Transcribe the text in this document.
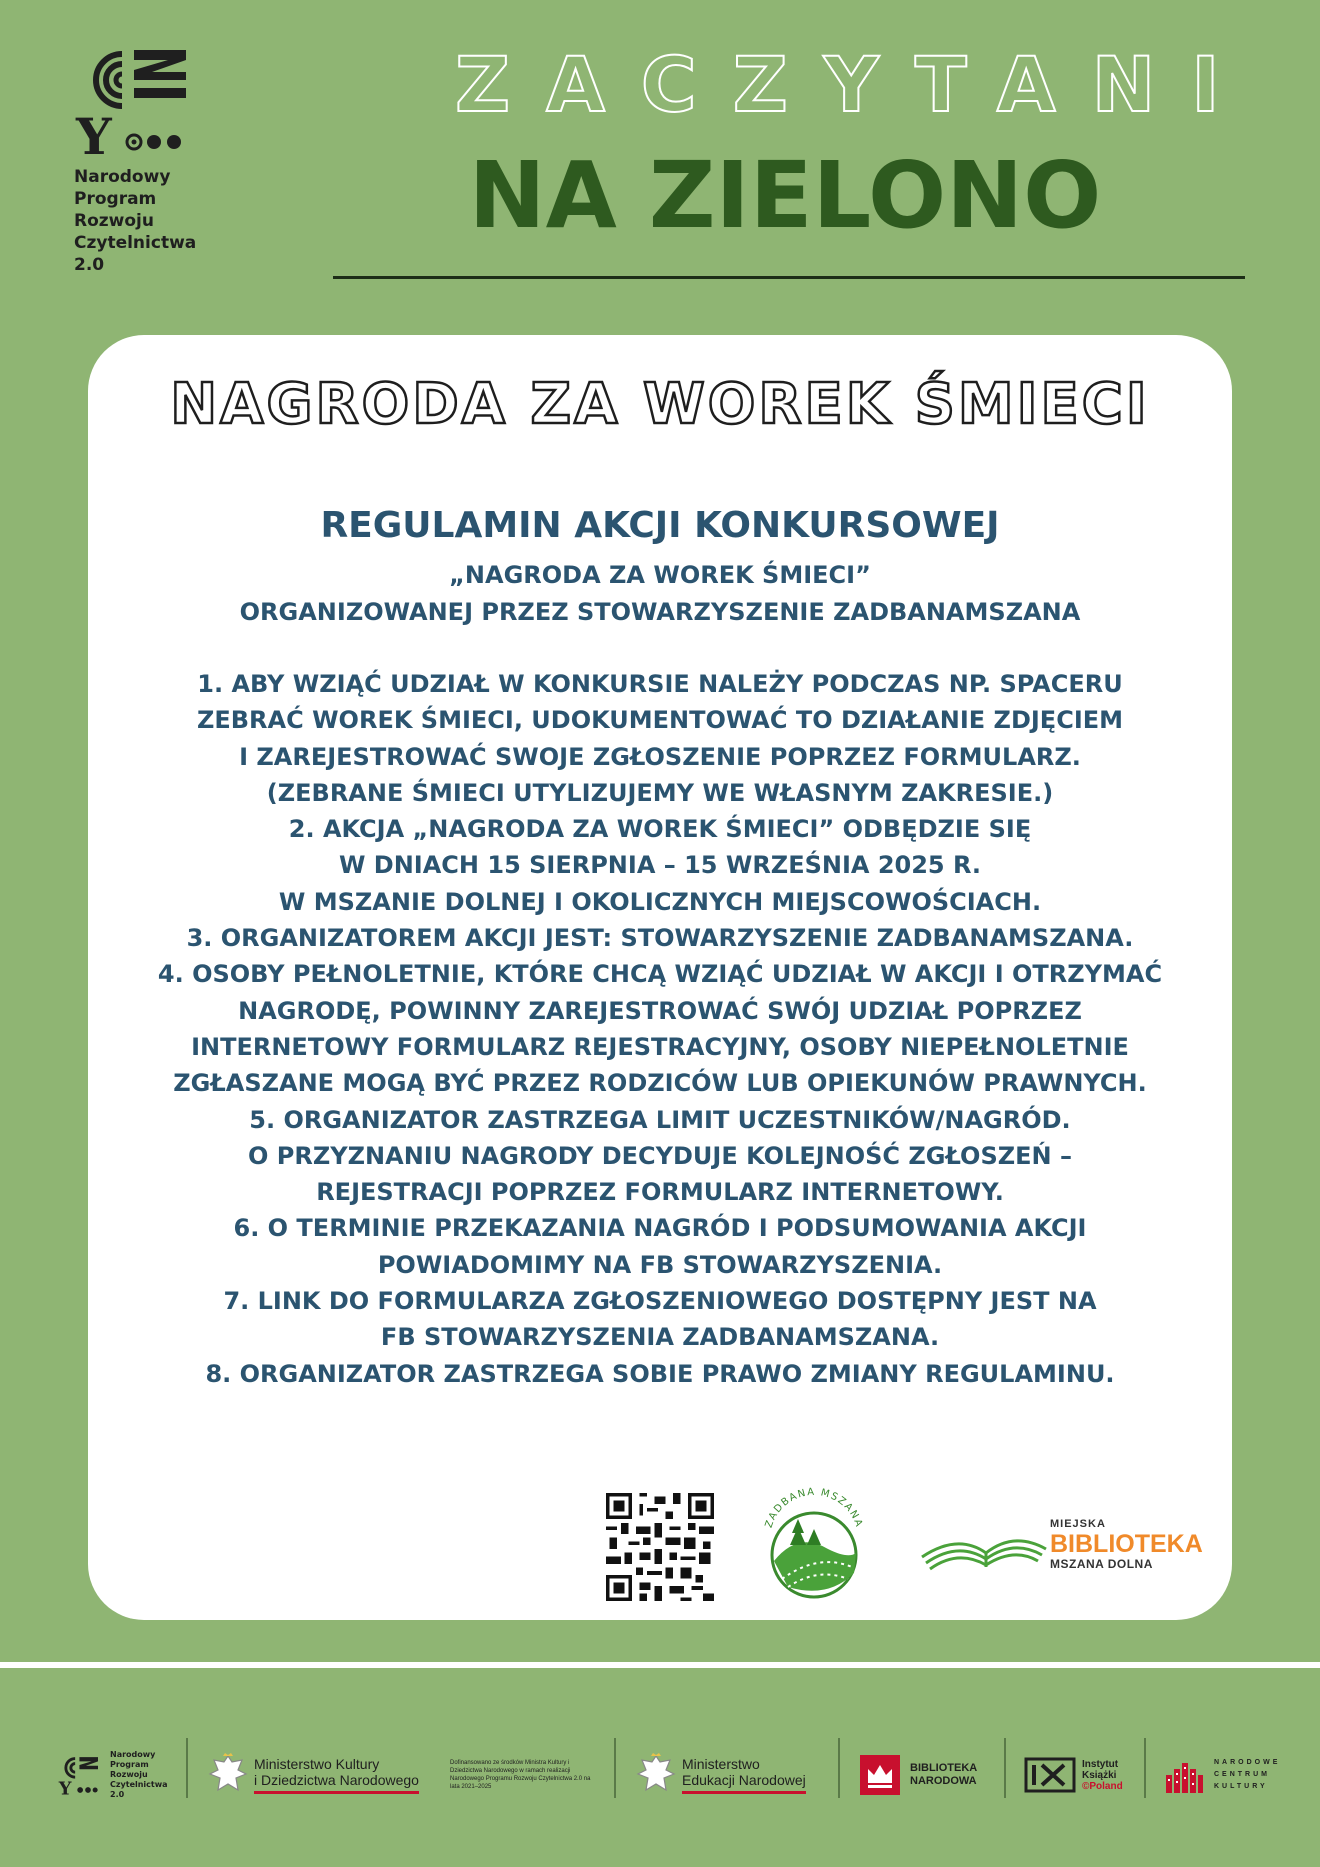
Y
Narodowy
Program
Rozwoju
Czytelnictwa
2.0
ZACZYTANI
NA ZIELONO
NAGRODA ZA WOREK ŚMIECI
REGULAMIN AKCJI KONKURSOWEJ
„NAGRODA ZA WOREK ŚMIECI”
ORGANIZOWANEJ PRZEZ STOWARZYSZENIE ZADBANAMSZANA
1. ABY WZIĄĆ UDZIAŁ W KONKURSIE NALEŻY PODCZAS NP. SPACERU
ZEBRAĆ WOREK ŚMIECI, UDOKUMENTOWAĆ TO DZIAŁANIE ZDJĘCIEM
I ZAREJESTROWAĆ SWOJE ZGŁOSZENIE POPRZEZ FORMULARZ.
(ZEBRANE ŚMIECI UTYLIZUJEMY WE WŁASNYM ZAKRESIE.)
2. AKCJA „NAGRODA ZA WOREK ŚMIECI” ODBĘDZIE SIĘ
W DNIACH 15 SIERPNIA – 15 WRZEŚNIA 2025 R.
W MSZANIE DOLNEJ I OKOLICZNYCH MIEJSCOWOŚCIACH.
3. ORGANIZATOREM AKCJI JEST: STOWARZYSZENIE ZADBANAMSZANA.
4. OSOBY PEŁNOLETNIE, KTÓRE CHCĄ WZIĄĆ UDZIAŁ W AKCJI I OTRZYMAĆ
NAGRODĘ, POWINNY ZAREJESTROWAĆ SWÓJ UDZIAŁ POPRZEZ
INTERNETOWY FORMULARZ REJESTRACYJNY, OSOBY NIEPEŁNOLETNIE
ZGŁASZANE MOGĄ BYĆ PRZEZ RODZICÓW LUB OPIEKUNÓW PRAWNYCH.
5. ORGANIZATOR ZASTRZEGA LIMIT UCZESTNIKÓW/NAGRÓD.
O PRZYZNANIU NAGRODY DECYDUJE KOLEJNOŚĆ ZGŁOSZEŃ –
REJESTRACJI POPRZEZ FORMULARZ INTERNETOWY.
6. O TERMINIE PRZEKAZANIA NAGRÓD I PODSUMOWANIA AKCJI
POWIADOMIMY NA FB STOWARZYSZENIA.
7. LINK DO FORMULARZA ZGŁOSZENIOWEGO DOSTĘPNY JEST NA
FB STOWARZYSZENIA ZADBANAMSZANA.
8. ORGANIZATOR ZASTRZEGA SOBIE PRAWO ZMIANY REGULAMINU.
ZADBANA MSZANA	MIEJSKA
BIBLIOTEKA
MSZANA DOLNA
Y
Narodowy
Program
Rozwoju
Czytelnictwa
2.0
Ministerstwo Kultury
i Dziedzictwa Narodowego
Dofinansowano ze środków Ministra Kultury i Dziedzictwa Narodowego w ramach realizacji Narodowego Programu Rozwoju Czytelnictwa 2.0 na lata 2021–2025
Ministerstwo
Edukacji Narodowej
BIBLIOTEKA
NARODOWA
Instytut
Książki
©Poland
NARODOWE
CENTRUM
KULTURY
